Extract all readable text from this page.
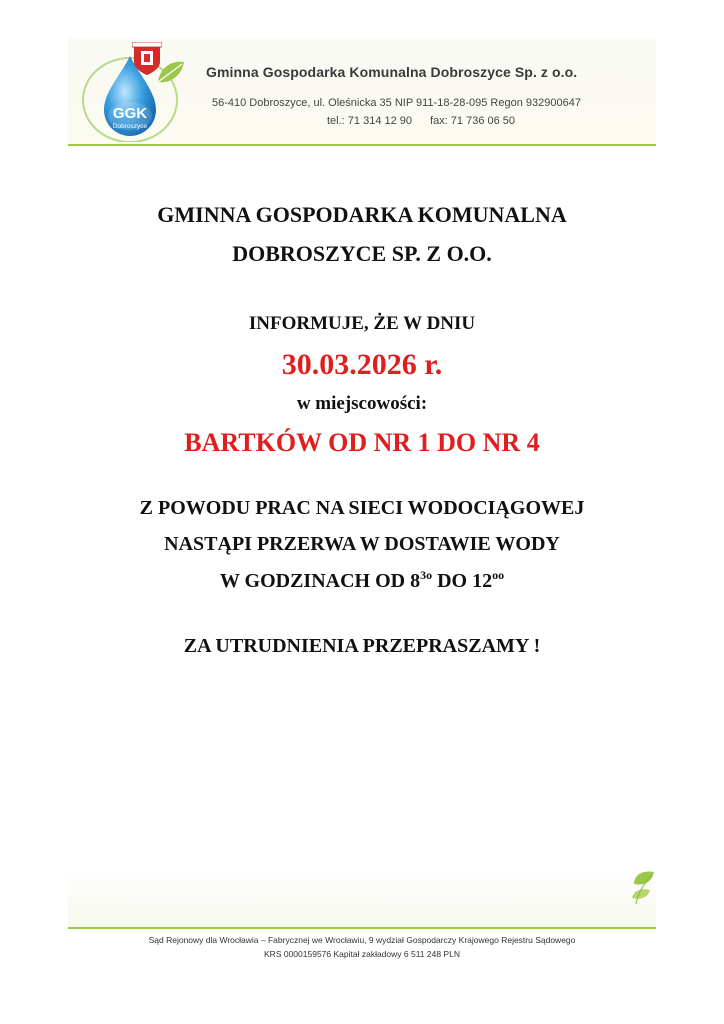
GGK
Dobroszyce
Gminna Gospodarka Komunalna Dobroszyce Sp. z o.o.
56-410 Dobroszyce, ul. Oleśnicka 35 NIP 911-18-28-095 Regon 932900647
tel.: 71 314 12 90 fax: 71 736 06 50
GMINNA GOSPODARKA KOMUNALNA
DOBROSZYCE SP. Z O.O.
INFORMUJE, ŻE W DNIU
30.03.2026 r.
w miejscowości:
BARTKÓW OD NR 1 DO NR 4
Z POWODU PRAC NA SIECI WODOCIĄGOWEJ
NASTĄPI PRZERWA W DOSTAWIE WODY
W GODZINACH OD $8^{3o}$ DO $12^{oo}$
ZA UTRUDNIENIA PRZEPRASZAMY !
Sąd Rejonowy dla Wrocławia – Fabrycznej we Wrocławiu, 9 wydział Gospodarczy Krajowego Rejestru Sądowego
KRS 0000159576 Kapitał zakładowy 6 511 248 PLN
